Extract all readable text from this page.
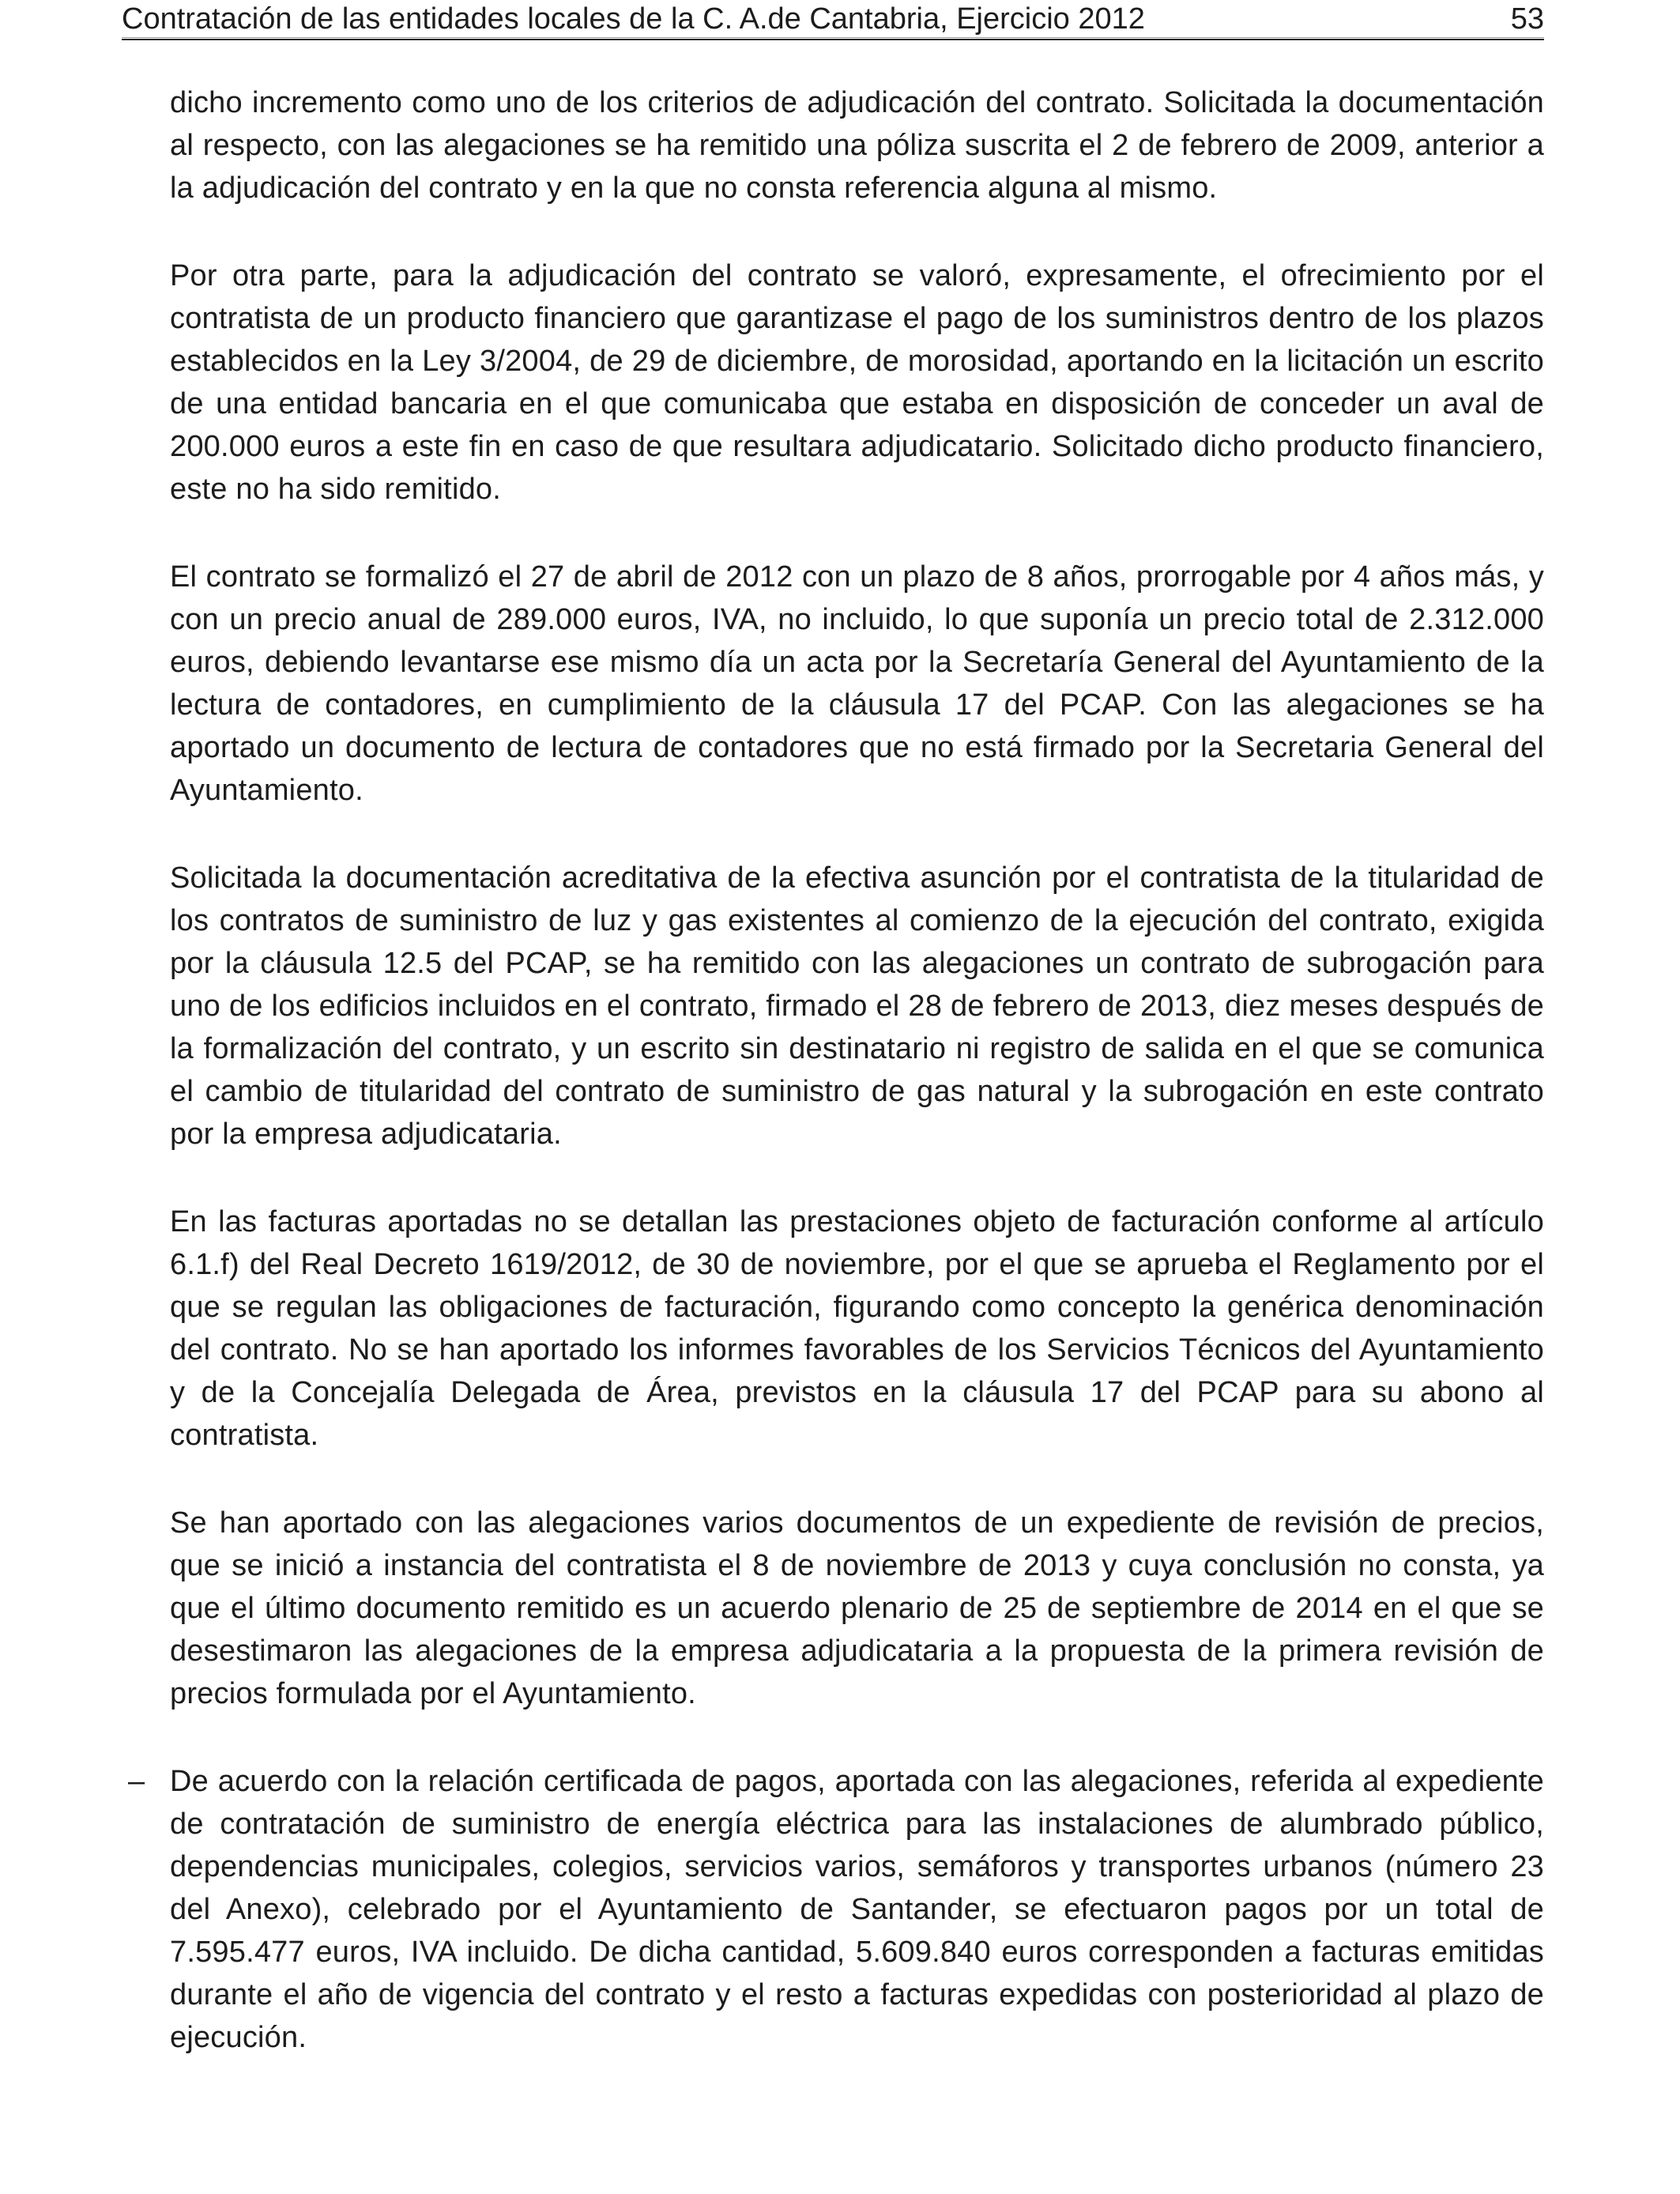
Contratación de las entidades locales de la C. A.de Cantabria, Ejercicio 2012	53

dicho incremento como uno de los criterios de adjudicación del contrato. Solicitada la documentación al respecto, con las alegaciones se ha remitido una póliza suscrita el 2 de febrero de 2009, anterior a la adjudicación del contrato y en la que no consta referencia alguna al mismo.

Por otra parte, para la adjudicación del contrato se valoró, expresamente, el ofrecimiento por el contratista de un producto financiero que garantizase el pago de los suministros dentro de los plazos establecidos en la Ley 3/2004, de 29 de diciembre, de morosidad, aportando en la licitación un escrito de una entidad bancaria en el que comunicaba que estaba en disposición de conceder un aval de 200.000 euros a este fin en caso de que resultara adjudicatario. Solicitado dicho producto financiero, este no ha sido remitido.

El contrato se formalizó el 27 de abril de 2012 con un plazo de 8 años, prorrogable por 4 años más, y con un precio anual de 289.000 euros, IVA, no incluido, lo que suponía un precio total de 2.312.000 euros, debiendo levantarse ese mismo día un acta por la Secretaría General del Ayuntamiento de la lectura de contadores, en cumplimiento de la cláusula 17 del PCAP. Con las alegaciones se ha aportado un documento de lectura de contadores que no está firmado por la Secretaria General del Ayuntamiento.

Solicitada la documentación acreditativa de la efectiva asunción por el contratista de la titularidad de los contratos de suministro de luz y gas existentes al comienzo de la ejecución del contrato, exigida por la cláusula 12.5 del PCAP, se ha remitido con las alegaciones un contrato de subrogación para uno de los edificios incluidos en el contrato, firmado el 28 de febrero de 2013, diez meses después de la formalización del contrato, y un escrito sin destinatario ni registro de salida en el que se comunica el cambio de titularidad del contrato de suministro de gas natural y la subrogación en este contrato por la empresa adjudicataria.

En las facturas aportadas no se detallan las prestaciones objeto de facturación conforme al artículo 6.1.f) del Real Decreto 1619/2012, de 30 de noviembre, por el que se aprueba el Reglamento por el que se regulan las obligaciones de facturación, figurando como concepto la genérica denominación del contrato. No se han aportado los informes favorables de los Servicios Técnicos del Ayuntamiento y de la Concejalía Delegada de Área, previstos en la cláusula 17 del PCAP para su abono al contratista.

Se han aportado con las alegaciones varios documentos de un expediente de revisión de precios, que se inició a instancia del contratista el 8 de noviembre de 2013 y cuya conclusión no consta, ya que el último documento remitido es un acuerdo plenario de 25 de septiembre de 2014 en el que se desestimaron las alegaciones de la empresa adjudicataria a la propuesta de la primera revisión de precios formulada por el Ayuntamiento.

– De acuerdo con la relación certificada de pagos, aportada con las alegaciones, referida al expediente de contratación de suministro de energía eléctrica para las instalaciones de alumbrado público, dependencias municipales, colegios, servicios varios, semáforos y transportes urbanos (número 23 del Anexo), celebrado por el Ayuntamiento de Santander, se efectuaron pagos por un total de 7.595.477 euros, IVA incluido. De dicha cantidad, 5.609.840 euros corresponden a facturas emitidas durante el año de vigencia del contrato y el resto a facturas expedidas con posterioridad al plazo de ejecución.
